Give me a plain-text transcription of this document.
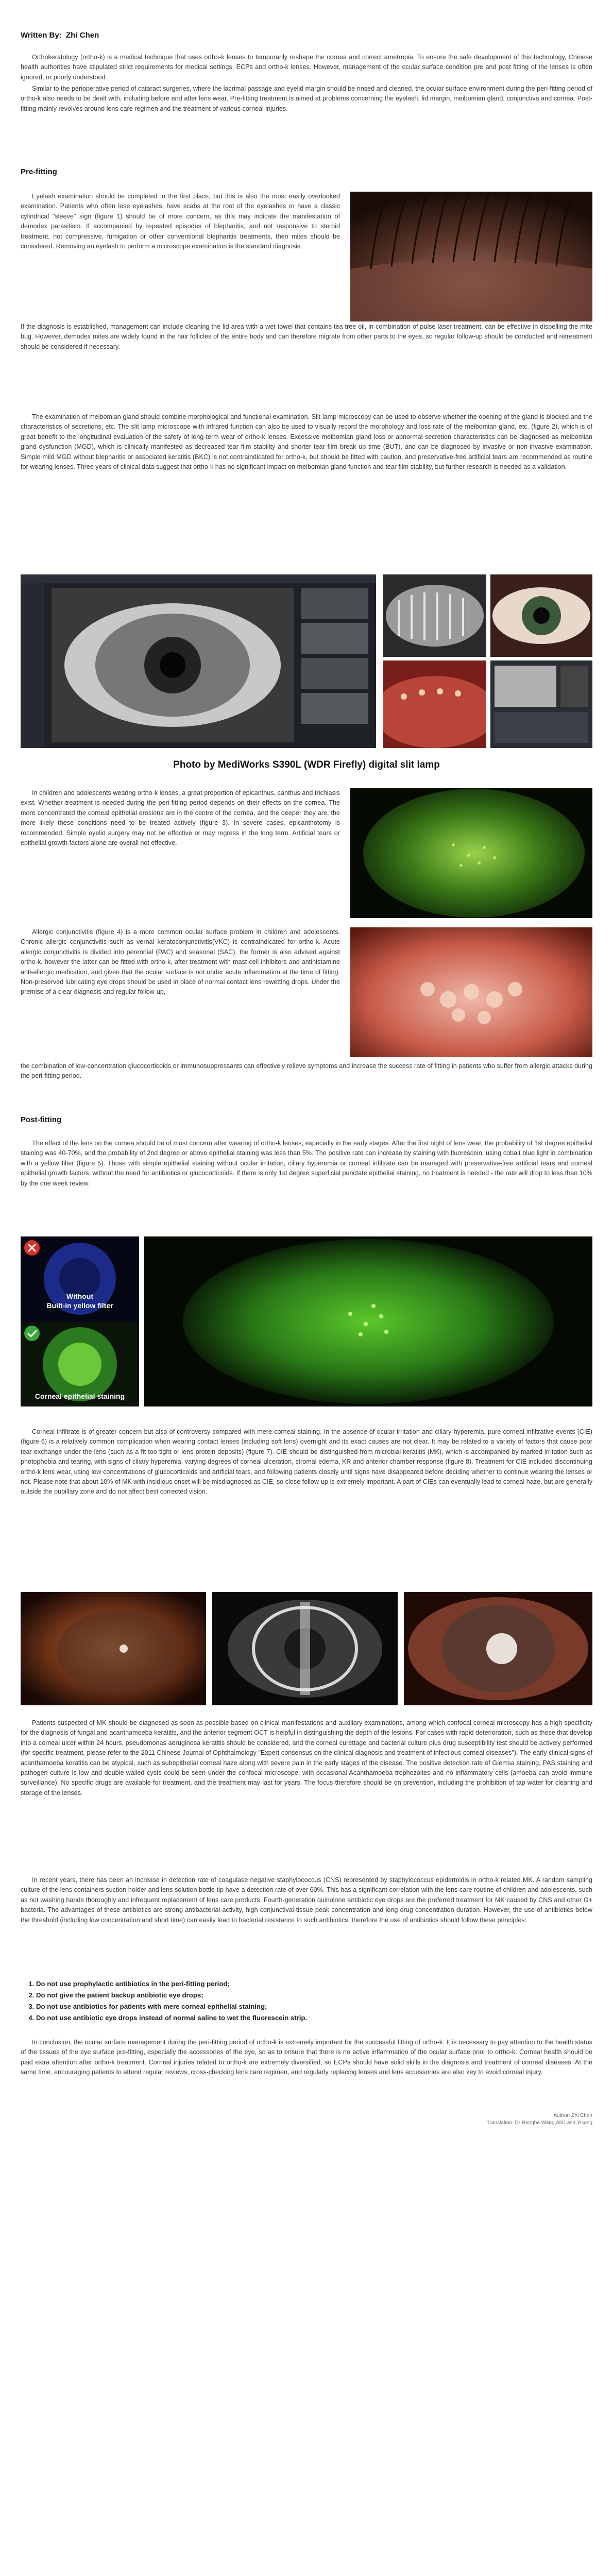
Written By: Zhi Chen

Orthokeratology (ortho-k) is a medical technique that uses ortho-k lenses to temporarily reshape the cornea and correct ametropia. To ensure the safe development of this technology, Chinese health authorities have stipulated strict requirements for medical settings, ECPs and ortho-k lenses. However, management of the ocular surface condition pre and post fitting of the lenses is often ignored, or poorly understood.

Similar to the perioperative period of cataract surgeries, where the lacrimal passage and eyelid margin should be rinsed and cleaned, the ocular surface environment during the peri-fitting period of ortho-k also needs to be dealt with, including before and after lens wear. Pre-fitting treatment is aimed at problems concerning the eyelash, lid margin, meibomian gland, conjunctiva and cornea. Post-fitting mainly revolves around lens care regimen and the treatment of various corneal injuries.

Pre-fitting

Eyelash examination should be completed in the first place, but this is also the most easily overlooked examination. Patients who often lose eyelashes, have scabs at the root of the eyelashes or have a classic cylindrical "sleeve" sign (figure 1) should be of more concern, as this may indicate the manifestation of demodex parasitism. If accompanied by repeated episodes of blepharitis, and not responsive to steroid treatment, not compressive, fumigation or other conventional blepharitis treatments, then mites should be considered. Removing an eyelash to perform a microscope examination is the standard diagnosis.

If the diagnosis is established, management can include cleaning the lid area with a wet towel that contains tea tree oil, in combination of pulse laser treatment, can be effective in dispelling the mite bug. However, demodex mites are widely found in the hair follicles of the entire body and can therefore migrate from other parts to the eyes, so regular follow-up should be conducted and retreatment should be considered if necessary.

The examination of meibomian gland should combine morphological and functional examination. Slit lamp microscopy can be used to observe whether the opening of the gland is blocked and the characteristics of secretions, etc. The slit lamp microscope with infrared function can also be used to visually record the morphology and loss rate of the meibomian gland, etc. (figure 2), which is of great benefit to the longitudinal evaluation of the safety of long-term wear of ortho-k lenses. Excessive meibomian gland loss or abnormal secretion characteristics can be diagnosed as meibomian gland dysfunction (MGD), which is clinically manifested as decreased tear film stability and shorter tear film break up time (BUT), and can be diagnosed by invasive or non-invasive examination. Simple mild MGD without blepharitis or associated keratitis (BKC) is not contraindicated for ortho-k, but should be fitted with caution, and preservative-free artificial tears are recommended as routine for wearing lenses. Three years of clinical data suggest that ortho-k has no significant impact on meibomian gland function and tear film stability, but further research is needed as a validation.

Photo by MediWorks S390L (WDR Firefly) digital slit lamp

In children and adolescents wearing ortho-k lenses, a great proportion of epicanthus, canthus and trichiasis exist. Whether treatment is needed during the peri-fitting period depends on their effects on the cornea. The more concentrated the corneal epithelial erosions are in the centre of the cornea, and the deeper they are, the more likely these conditions need to be treated actively (figure 3). In severe cases, epicanthotomy is recommended. Simple eyelid surgery may not be effective or may regress in the long term. Artificial tears or epithelial growth factors alone are overall not effective.

Allergic conjunctivitis (figure 4) is a more common ocular surface problem in children and adolescents. Chronic allergic conjunctivitis such as vernal keratoconjunctivitis(VKC) is contraindicated for ortho-k. Acute allergic conjunctivitis is divided into perennial (PAC) and seasonal (SAC), the former is also advised against ortho-k, however the latter can be fitted with ortho-k, after treatment with mast cell inhibitors and antihistamine anti-allergic medication, and given that the ocular surface is not under acute inflammation at the time of fitting. Non-preserved lubricating eye drops should be used in place of normal contact lens rewetting drops. Under the premise of a clear diagnosis and regular follow-up,

the combination of low-concentration glucocorticoids or immunosuppressants can effectively relieve symptoms and increase the success rate of fitting in patients who suffer from allergic attacks during the peri-fitting period.

Post-fitting

The effect of the lens on the cornea should be of most concern after wearing of ortho-k lenses, especially in the early stages. After the first night of lens wear, the probability of 1st degree epithelial staining was 40-70%, and the probability of 2nd degree or above epithelial staining was less than 5%. The positive rate can increase by staining with fluorescein, using cobalt blue light in combination with a yellow filter (figure 5). Those with simple epithelial staining without ocular irritation, ciliary hyperemia or corneal infiltrate can be managed with preservative-free artificial tears and corneal epithelial growth factors, without the need for antibiotics or glucocorticoids. If there is only 1st degree superficial punctate epithelial staining, no treatment is needed - the rate will drop to less than 10% by the one week review.

Without
Built-in yellow filter
Corneal epithelial staining

Corneal infiltrate is of greater concern but also of controversy compared with mere corneal staining. In the absence of ocular irritation and ciliary hyperemia, pure corneal infiltrative events (CIE) (figure 6) is a relatively common complication when wearing contact lenses (including soft lens) overnight and its exact causes are not clear. It may be related to a variety of factors that cause poor tear exchange under the lens (such as a fit too tight or lens protein deposits) (figure 7). CIE should be distinguished from microbial keratitis (MK), which is accompanied by marked irritation such as photophobia and tearing, with signs of ciliary hyperemia, varying degrees of corneal ulceration, stromal edema, KR and anterior chamber response (figure 8). Treatment for CIE included discontinuing ortho-k lens wear, using low concentrations of glucocorticoids and artificial tears, and following patients closely until signs have disappeared before deciding whether to continue wearing the lenses or not. Please note that about 10% of MK with insidious onset will be misdiagnosed as CIE, so close follow-up is extremely important. A part of CIEs can eventually lead to corneal haze, but are generally outside the pupillary zone and do not affect best corrected vision.

Patients suspected of MK should be diagnosed as soon as possible based on clinical manifestations and auxiliary examinations, among which confocal corneal microscopy has a high specificity for the diagnosis of fungal and acanthamoeba keratitis, and the anterior segment OCT is helpful in distinguishing the depth of the lesions. For cases with rapid deterioration, such as those that develop into a corneal ulcer within 24 hours, pseudomonas aeruginosa keratitis should be considered, and the corneal curettage and bacterial culture plus drug susceptibility test should be actively performed (for specific treatment, please refer to the 2011 Chinese Journal of Ophthalmology "Expert consensus on the clinical diagnosis and treatment of infectious corneal diseases"). The early clinical signs of acanthamoeba keratitis can be atypical, such as subepithelial corneal haze along with severe pain in the early stages of the disease. The positive detection rate of Giemsa staining, PAS staining and pathogen culture is low and double-walled cysts could be seen under the confocal microscope, with occasional Acanthamoeba trophozoites and no inflammatory cells (amoeba can avoid immune surveillance). No specific drugs are available for treatment, and the treatment may last for years. The focus therefore should be on prevention, including the prohibition of tap water for cleaning and storage of the lenses.

In recent years, there has been an increase in detection rate of coagulase negative staphylococcus (CNS) represented by staphylococcus epidermidis in ortho-k related MK. A random sampling culture of the lens containers suction holder and lens solution bottle tip have a detection rate of over 60%. This has a significant correlation with the lens care routine of children and adolescents, such as not washing hands thoroughly and infrequent replacement of lens care products. Fourth-generation quinolone antibiotic eye drops are the preferred treatment for MK caused by CNS and other G+ bacteria. The advantages of these antibiotics are strong antibacterial activity, high conjunctival-tissue peak concentration and long drug concentration duration. However, the use of antibiotics below the threshold (including low concentration and short time) can easily lead to bacterial resistance to such antibiotics, therefore the use of antibiotics should follow these principles:

1. Do not use prophylactic antibiotics in the peri-fitting period;
2. Do not give the patient backup antibiotic eye drops;
3. Do not use antibiotics for patients with mere corneal epithelial staining;
4. Do not use antibiotic eye drops instead of normal saline to wet the fluorescein strip.

In conclusion, the ocular surface management during the peri-fitting period of ortho-k is extremely important for the successful fitting of ortho-k. It is necessary to pay attention to the health status of the tissues of the eye surface pre-fitting, especially the accessories of the eye, so as to ensure that there is no active inflammation of the ocular surface prior to ortho-k. Corneal health should be paid extra attention after ortho-k treatment. Corneal injuries related to ortho-k are extremely diversified, so ECPs should have solid skills in the diagnosis and treatment of corneal diseases. At the same time, encouraging patients to attend regular reviews, cross-checking lens care regimen, and regularly replacing lenses and lens accessories are also key to avoid corneal injury.

Author: Zhi Chen
Translation: Dr Ronghe Wang,Alli Lasri,Yisong
